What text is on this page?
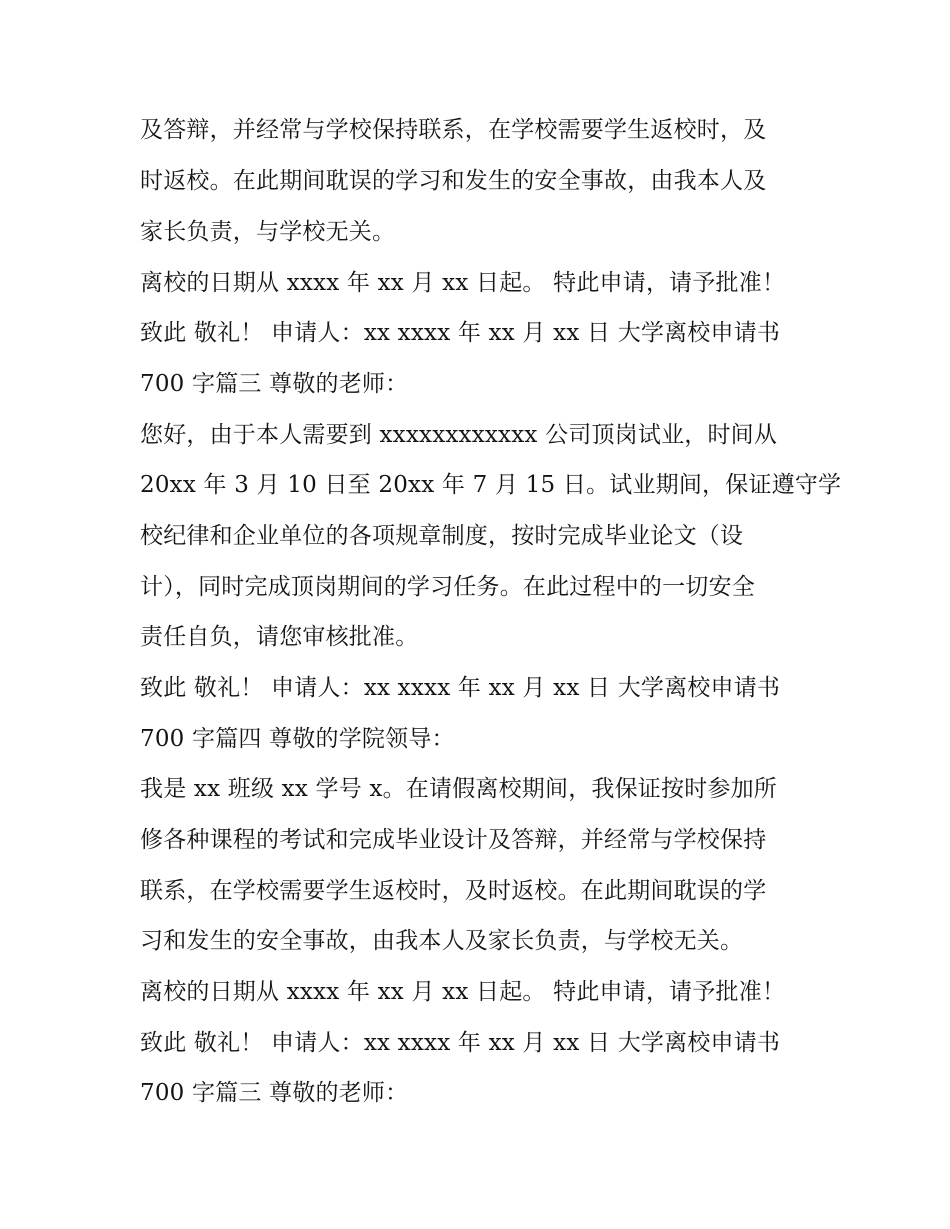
及答辩，并经常与学校保持联系，在学校需要学生返校时，及
时返校。在此期间耽误的学习和发生的安全事故，由我本人及
家长负责，与学校无关。
离校的日期从 xxxx 年 xx 月 xx 日起。 特此申请，请予批准！
致此 敬礼！ 申请人：xx xxxx 年 xx 月 xx 日 大学离校申请书
700 字篇三 尊敬的老师：
您好，由于本人需要到 xxxxxxxxxxxx 公司顶岗试业，时间从
20xx 年 3 月 10 日至 20xx 年 7 月 15 日。试业期间，保证遵守学
校纪律和企业单位的各项规章制度，按时完成毕业论文（设
计），同时完成顶岗期间的学习任务。在此过程中的一切安全
责任自负，请您审核批准。
致此 敬礼！ 申请人：xx xxxx 年 xx 月 xx 日 大学离校申请书
700 字篇四 尊敬的学院领导：
我是 xx 班级 xx 学号 x。在请假离校期间，我保证按时参加所
修各种课程的考试和完成毕业设计及答辩，并经常与学校保持
联系，在学校需要学生返校时，及时返校。在此期间耽误的学
习和发生的安全事故，由我本人及家长负责，与学校无关。
离校的日期从 xxxx 年 xx 月 xx 日起。 特此申请，请予批准！
致此 敬礼！ 申请人：xx xxxx 年 xx 月 xx 日 大学离校申请书
700 字篇三 尊敬的老师：
